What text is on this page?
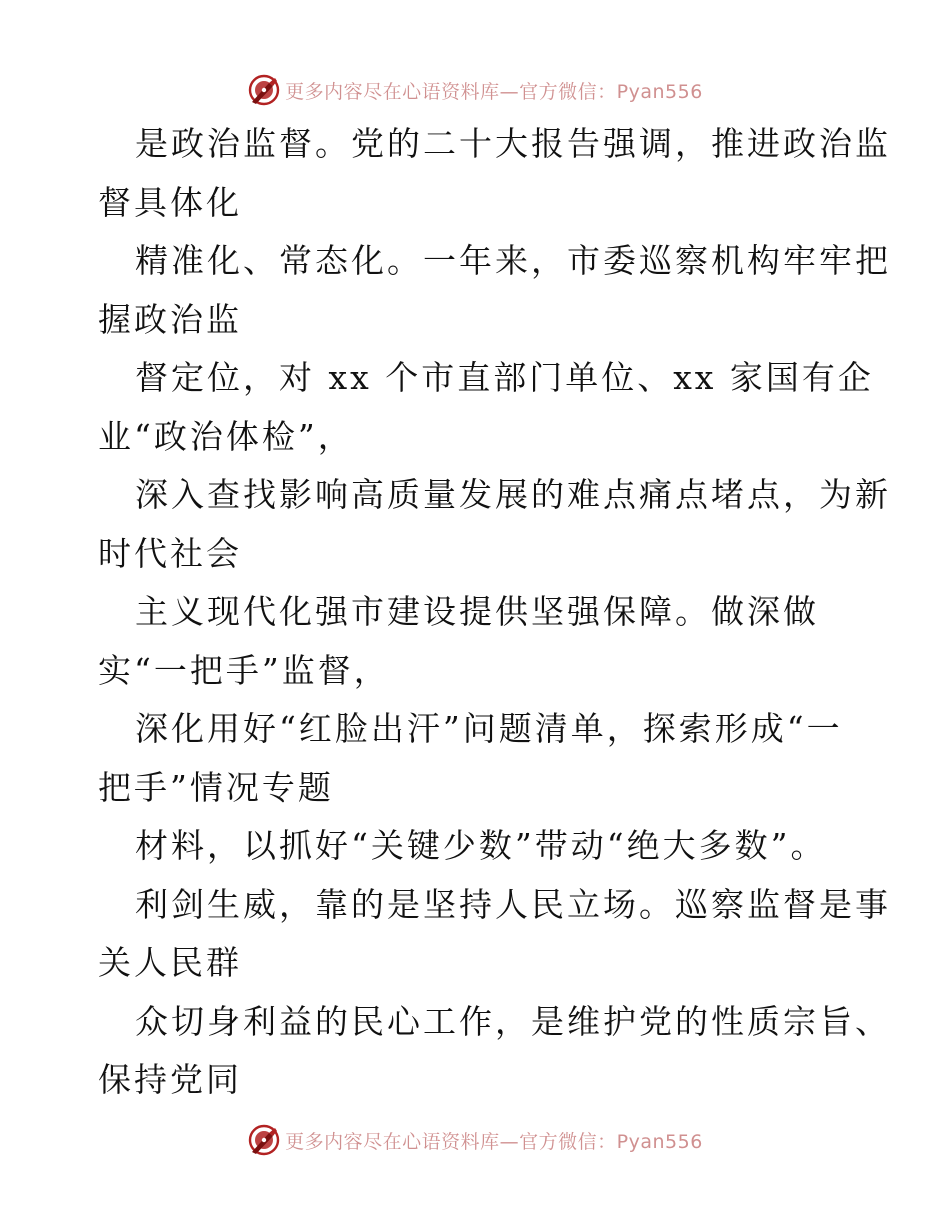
更多内容尽在心语资料库—官方微信：Pyan556
是政治监督。党的二十大报告强调，推进政治监
督具体化
精准化、常态化。一年来，市委巡察机构牢牢把
握政治监
督定位，对 xx 个市直部门单位、xx 家国有企
业“政治体检”，
深入查找影响高质量发展的难点痛点堵点，为新
时代社会
主义现代化强市建设提供坚强保障。做深做
实“一把手”监督，
深化用好“红脸出汗”问题清单，探索形成“一
把手”情况专题
材料，以抓好“关键少数”带动“绝大多数”。
利剑生威，靠的是坚持人民立场。巡察监督是事
关人民群
众切身利益的民心工作，是维护党的性质宗旨、
保持党同
更多内容尽在心语资料库—官方微信：Pyan556
